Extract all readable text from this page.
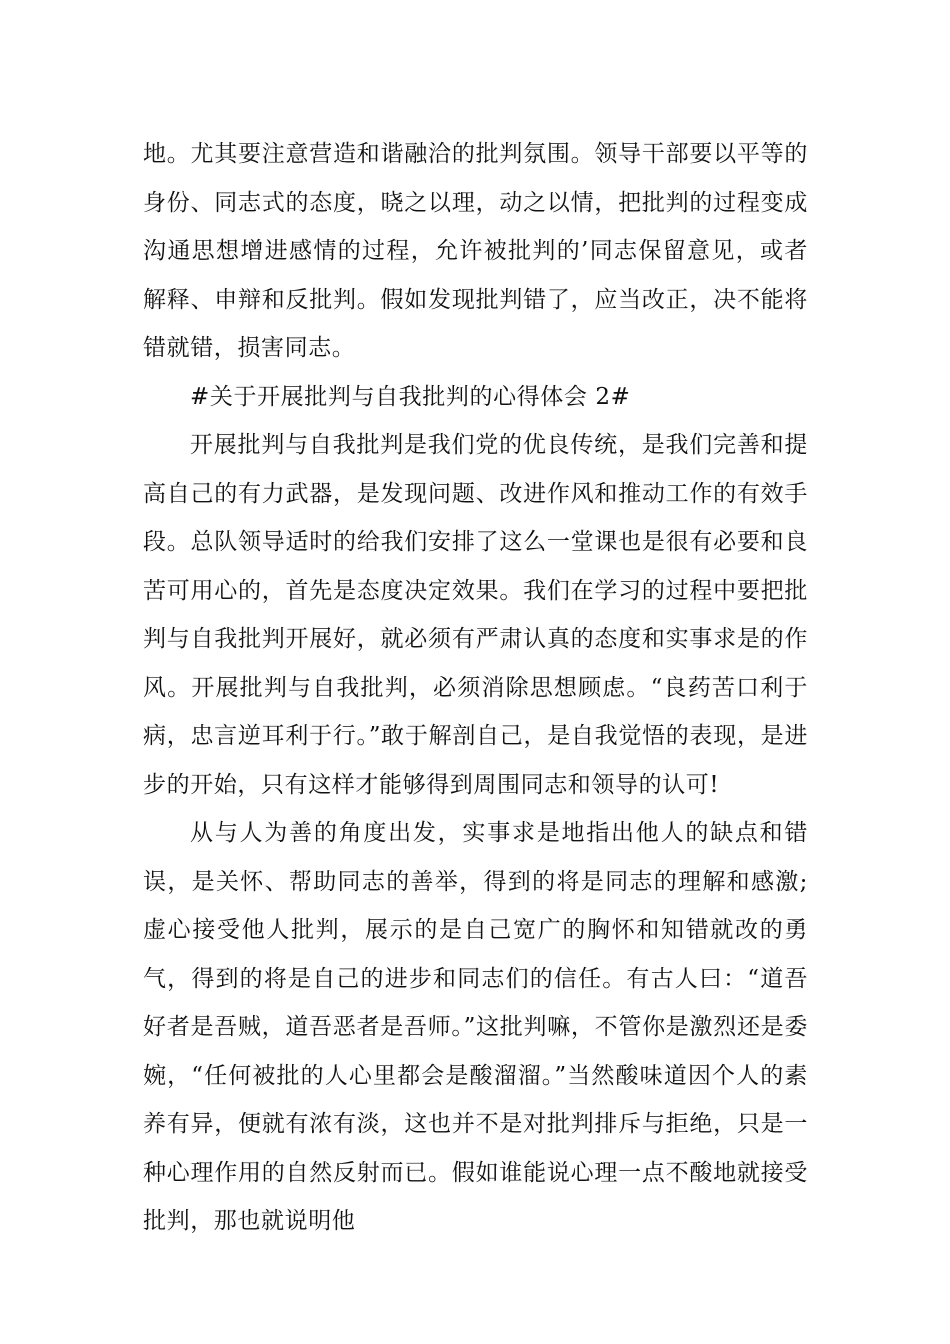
地。尤其要注意营造和谐融洽的批判氛围。领导干部要以平等的身份、同志式的态度，晓之以理，动之以情，把批判的过程变成沟通思想增进感情的过程，允许被批判的’同志保留意见，或者解释、申辩和反批判。假如发现批判错了，应当改正，决不能将错就错，损害同志。

#关于开展批判与自我批判的心得体会 2#

开展批判与自我批判是我们党的优良传统，是我们完善和提高自己的有力武器，是发现问题、改进作风和推动工作的有效手段。总队领导适时的给我们安排了这么一堂课也是很有必要和良苦可用心的，首先是态度决定效果。我们在学习的过程中要把批判与自我批判开展好，就必须有严肃认真的态度和实事求是的作风。开展批判与自我批判，必须消除思想顾虑。“良药苦口利于病，忠言逆耳利于行。”敢于解剖自己，是自我觉悟的表现，是进步的开始，只有这样才能够得到周围同志和领导的认可!

从与人为善的角度出发，实事求是地指出他人的缺点和错误，是关怀、帮助同志的善举，得到的将是同志的理解和感激;虚心接受他人批判，展示的是自己宽广的胸怀和知错就改的勇气，得到的将是自己的进步和同志们的信任。有古人曰：“道吾好者是吾贼，道吾恶者是吾师。”这批判嘛，不管你是激烈还是委婉，“任何被批的人心里都会是酸溜溜。”当然酸味道因个人的素养有异，便就有浓有淡，这也并不是对批判排斥与拒绝，只是一种心理作用的自然反射而已。假如谁能说心理一点不酸地就接受批判，那也就说明他
